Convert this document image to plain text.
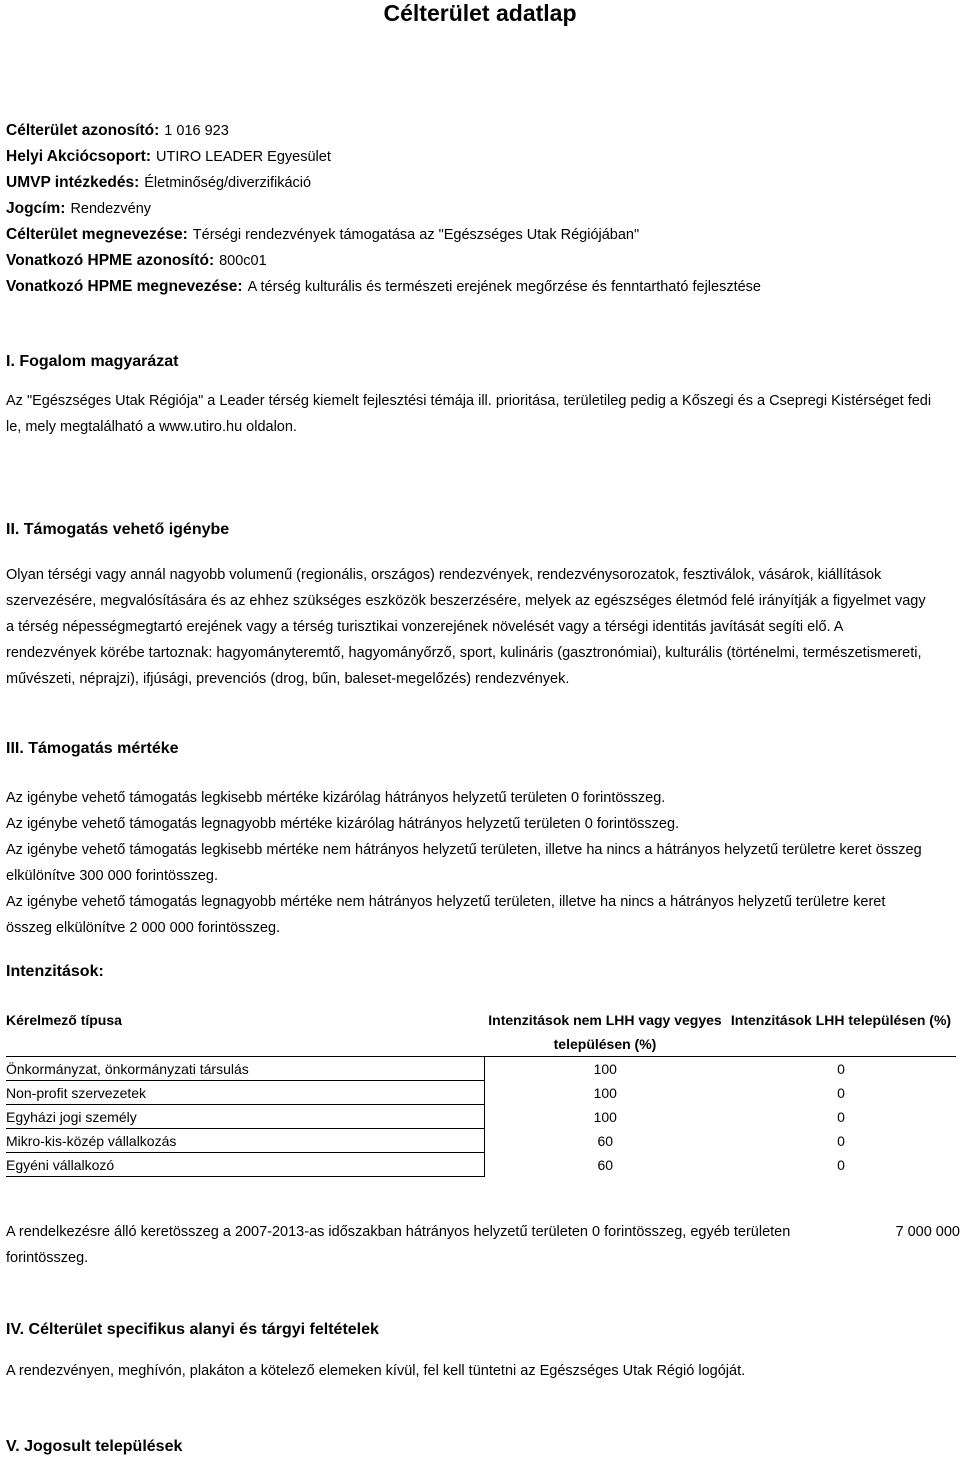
Célterület adatlap
Célterület azonosító: 1 016 923
Helyi Akciócsoport: UTIRO LEADER Egyesület
UMVP intézkedés: Életminőség/diverzifikáció
Jogcím: Rendezvény
Célterület megnevezése: Térségi rendezvények támogatása az "Egészséges Utak Régiójában"
Vonatkozó HPME azonosító: 800c01
Vonatkozó HPME megnevezése: A térség kulturális és természeti erejének megőrzése és fenntartható fejlesztése
I. Fogalom magyarázat
Az "Egészséges Utak Régiója" a Leader térség kiemelt fejlesztési témája ill. prioritása, területileg pedig a Kőszegi és a Csepregi Kistérséget fedi
le, mely megtalálható a www.utiro.hu oldalon.
II. Támogatás vehető igénybe
Olyan térségi vagy annál nagyobb volumenű (regionális, országos) rendezvények, rendezvénysorozatok, fesztiválok, vásárok, kiállítások
szervezésére, megvalósítására és az ehhez szükséges eszközök beszerzésére, melyek az egészséges életmód felé irányítják a figyelmet vagy
a térség népességmegtartó erejének vagy a térség turisztikai vonzerejének növelését vagy a térségi identitás javítását segíti elő. A
rendezvények körébe tartoznak: hagyományteremtő, hagyományőrző, sport, kulináris (gasztronómiai), kulturális (történelmi, természetismereti,
művészeti, néprajzi), ifjúsági, prevenciós (drog, bűn, baleset-megelőzés) rendezvények.
III. Támogatás mértéke
Az igénybe vehető támogatás legkisebb mértéke kizárólag hátrányos helyzetű területen 0 forintösszeg.
Az igénybe vehető támogatás legnagyobb mértéke kizárólag hátrányos helyzetű területen 0 forintösszeg.
Az igénybe vehető támogatás legkisebb mértéke nem hátrányos helyzetű területen, illetve ha nincs a hátrányos helyzetű területre keret összeg
elkülönítve 300 000 forintösszeg.
Az igénybe vehető támogatás legnagyobb mértéke nem hátrányos helyzetű területen, illetve ha nincs a hátrányos helyzetű területre keret
összeg elkülönítve 2 000 000 forintösszeg.
Intenzitások:
Kérelmező típusa	Intenzitások nem LHH vagy vegyes településen (%)	Intenzitások LHH településen (%)
Önkormányzat, önkormányzati társulás	100	0
Non-profit szervezetek	100	0
Egyházi jogi személy	100	0
Mikro-kis-közép vállalkozás	60	0
Egyéni vállalkozó	60	0
A rendelkezésre álló keretösszeg a 2007-2013-as időszakban hátrányos helyzetű területen 0 forintösszeg, egyéb területen	7 000 000
forintösszeg.
IV. Célterület specifikus alanyi és tárgyi feltételek
A rendezvényen, meghívón, plakáton a kötelező elemeken kívül, fel kell tüntetni az Egészséges Utak Régió logóját.
V. Jogosult települések
